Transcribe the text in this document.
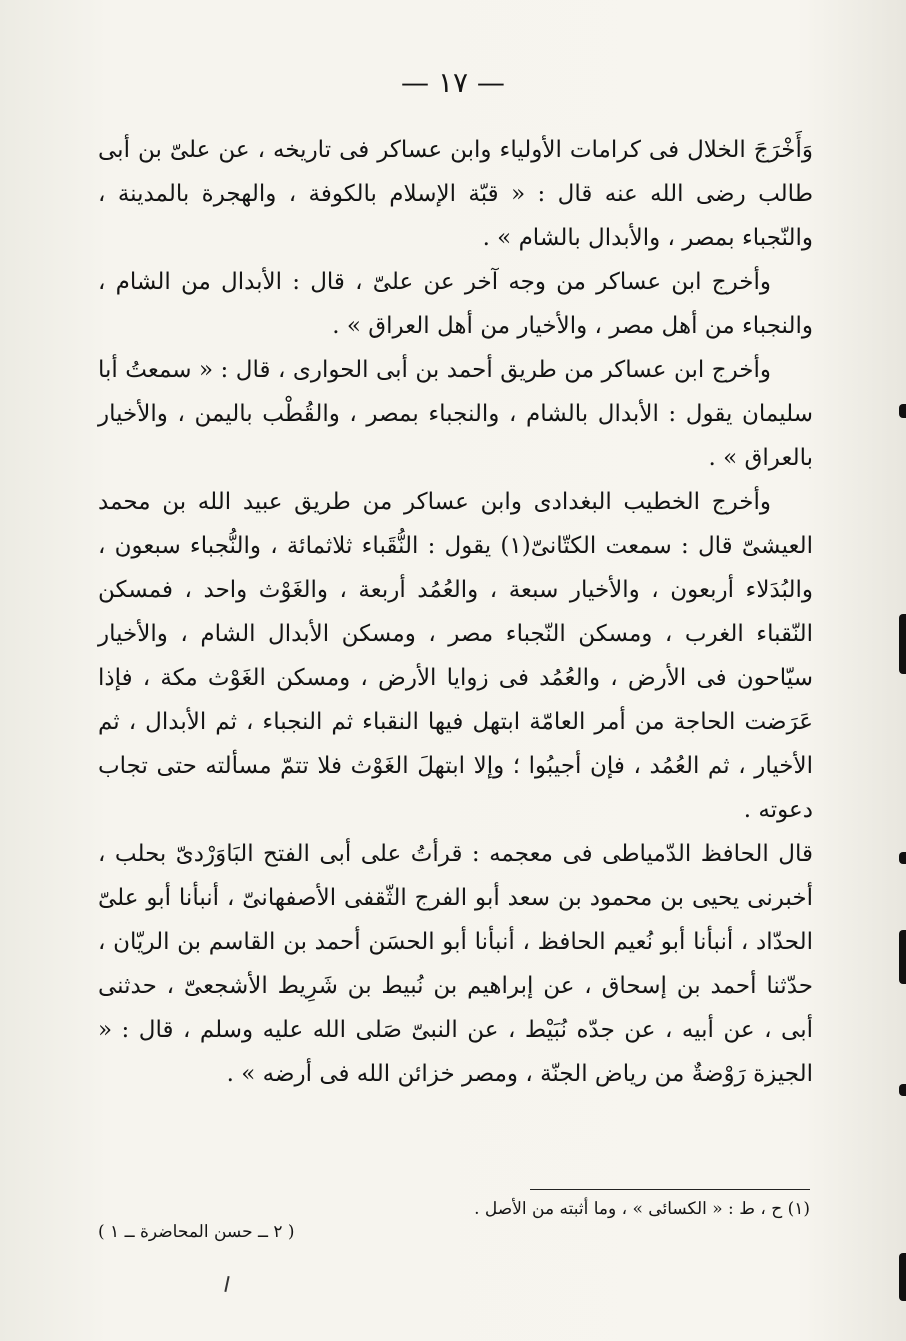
— ١٧ —

وَأَخْرَجَ الخلال فى كرامات الأولياء وابن عساكر فى تاريخه ، عن علىّ بن أبى طالب رضى الله عنه قال : « قبّة الإسلام بالكوفة ، والهجرة بالمدينة ، والنّجباء بمصر ، والأبدال بالشام » .

وأخرج ابن عساكر من وجه آخر عن علىّ ، قال : الأبدال من الشام ، والنجباء من أهل مصر ، والأخيار من أهل العراق » .

وأخرج ابن عساكر من طريق أحمد بن أبى الحوارى ، قال : « سمعتُ أبا سليمان يقول : الأبدال بالشام ، والنجباء بمصر ، والقُطْب باليمن ، والأخيار بالعراق » .

وأخرج الخطيب البغدادى وابن عساكر من طريق عبيد الله بن محمد العيشىّ قال : سمعت الكتّانىّ(١) يقول : النُّقَباء ثلاثمائة ، والنُّجباء سبعون ، والبُدَلاء أربعون ، والأخيار سبعة ، والعُمُد أربعة ، والغَوْث واحد ، فمسكن النّقباء الغرب ، ومسكن النّجباء مصر ، ومسكن الأبدال الشام ، والأخيار سيّاحون فى الأرض ، والعُمُد فى زوايا الأرض ، ومسكن الغَوْث مكة ، فإذا عَرَضت الحاجة من أمر العامّة ابتهل فيها النقباء ثم النجباء ، ثم الأبدال ، ثم الأخيار ، ثم العُمُد ، فإن أجيبُوا ؛ وإلا ابتهلَ الغَوْث فلا تتمّ مسألته حتى تجاب دعوته .

قال الحافظ الدّمياطى فى معجمه : قرأتُ على أبى الفتح البَاوَرْدىّ بحلب ، أخبرنى يحيى بن محمود بن سعد أبو الفرج الثّقفى الأصفهانىّ ، أنبأنا أبو علىّ الحدّاد ، أنبأنا أبو نُعيم الحافظ ، أنبأنا أبو الحسَن أحمد بن القاسم بن الريّان ، حدّثنا أحمد بن إسحاق ، عن إبراهيم بن نُبيط بن شَرِيط الأشجعىّ ، حدثنى أبى ، عن أبيه ، عن جدّه نُبَيْط ، عن النبىّ صَلى الله عليه وسلم ، قال : « الجيزة رَوْضةٌ من رياض الجنّة ، ومصر خزائن الله فى أرضه » .

(١) ح ، ط : « الكسائى » ، وما أثبته من الأصل .
( ٢ ــ حسن المحاضرة ــ ١ )
